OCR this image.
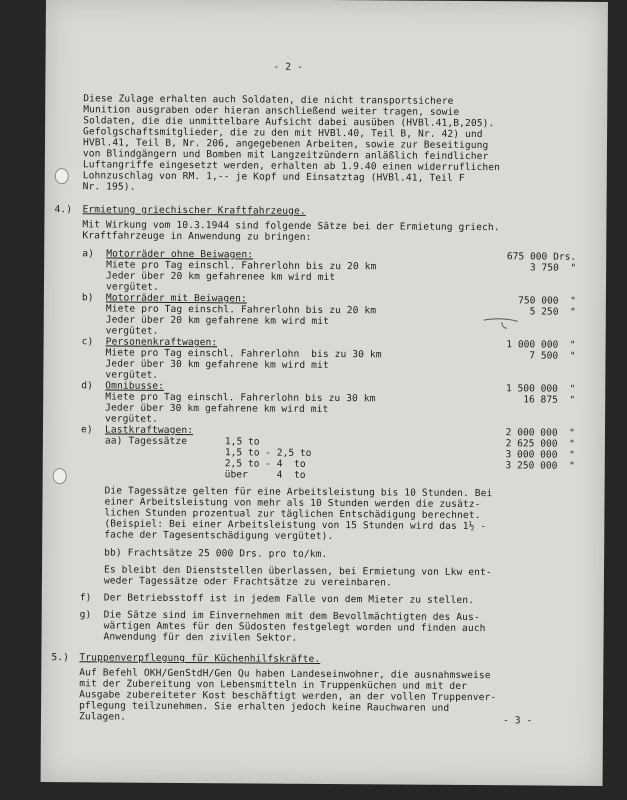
- 2 -
Diese Zulage erhalten auch Soldaten, die nicht transportsichere
Munition ausgraben oder hieran anschließend weiter tragen, sowie
Soldaten, die die unmittelbare Aufsicht dabei ausüben (HVBl.41,B,205).
Gefolgschaftsmitglieder, die zu den mit HVBl.40, Teil B, Nr. 42) und
HVBl.41, Teil B, Nr. 206, angegebenen Arbeiten, sowie zur Beseitigung
von Blindgängern und Bomben mit Langzeitzündern anläßlich feindlicher
Luftangriffe eingesetzt werden, erhalten ab 1.9.40 einen widerruflichen
Lohnzuschlag von RM. 1,-- je Kopf und Einsatztag (HVBl.41, Teil F
Nr. 195).
4.) Ermietung griechischer Kraftfahrzeuge.
Mit Wirkung vom 10.3.1944 sind folgende Sätze bei der Ermietung griech.
Kraftfahrzeuge in Anwendung zu bringen:
a) Motorräder ohne Beiwagen:
Miete pro Tag einschl. Fahrerlohn bis zu 20 km
Jeder über 20 km gefahrenee km wird mit
vergütet.
675 000 Drs.
3 750  "
b) Motorräder mit Beiwagen:
Miete pro Tag einschl. Fahrerlohn bis zu 20 km
Jeder über 20 km gefahrene km wird mit
vergütet.
750 000  "
5 250  "
c) Personenkraftwagen:
Miete pro Tag einschl. Fahrerlohn  bis zu 30 km
Jeder über 30 km gefahrene km wird mit
vergütet.
1 000 000  "
7 500  "
d) Omnibusse:
Miete pro Tag einschl. Fahrerlohn bis zu 30 km
Jeder über 30 km gefahrene km wird mit
vergütet.
1 500 000  "
16 875  "
e) Lastkraftwagen:
aa) Tagessätze	1,5 to
1,5 to - 2,5 to
2,5 to - 4  to
über     4  to
2 000 000  "
2 625 000  "
3 000 000  "
3 250 000  "
Die Tagessätze gelten für eine Arbeitsleistung bis 10 Stunden. Bei
einer Arbeitsleistung von mehr als 10 Stunden werden die zusätz-
lichen Stunden prozentual zur täglichen Entschädigung berechnet.
(Beispiel: Bei einer Arbeitsleistung von 15 Stunden wird das 1½ -
fache der Tagesentschädigung vergütet).
bb) Frachtsätze 25 000 Drs. pro to/km.
Es bleibt den Dienststellen überlassen, bei Ermietung von Lkw ent-
weder Tagessätze oder Frachtsätze zu vereinbaren.
f) Der Betriebsstoff ist in jedem Falle von dem Mieter zu stellen.
g) Die Sätze sind im Einvernehmen mit dem Bevollmächtigten des Aus-
wärtigen Amtes für den Südosten festgelegt worden und finden auch
Anwendung für den zivilen Sektor.
5.) Truppenverpflegung für Küchenhilfskräfte.
Auf Befehl OKH/GenStdH/Gen Qu haben Landeseinwohner, die ausnahmsweise
mit der Zubereitung von Lebensmitteln in Truppenküchen und mit der
Ausgabe zubereiteter Kost beschäftigt werden, an der vollen Truppenver-
pflegung teilzunehmen. Sie erhalten jedoch keine Rauchwaren und
Zulagen.	- 3 -
